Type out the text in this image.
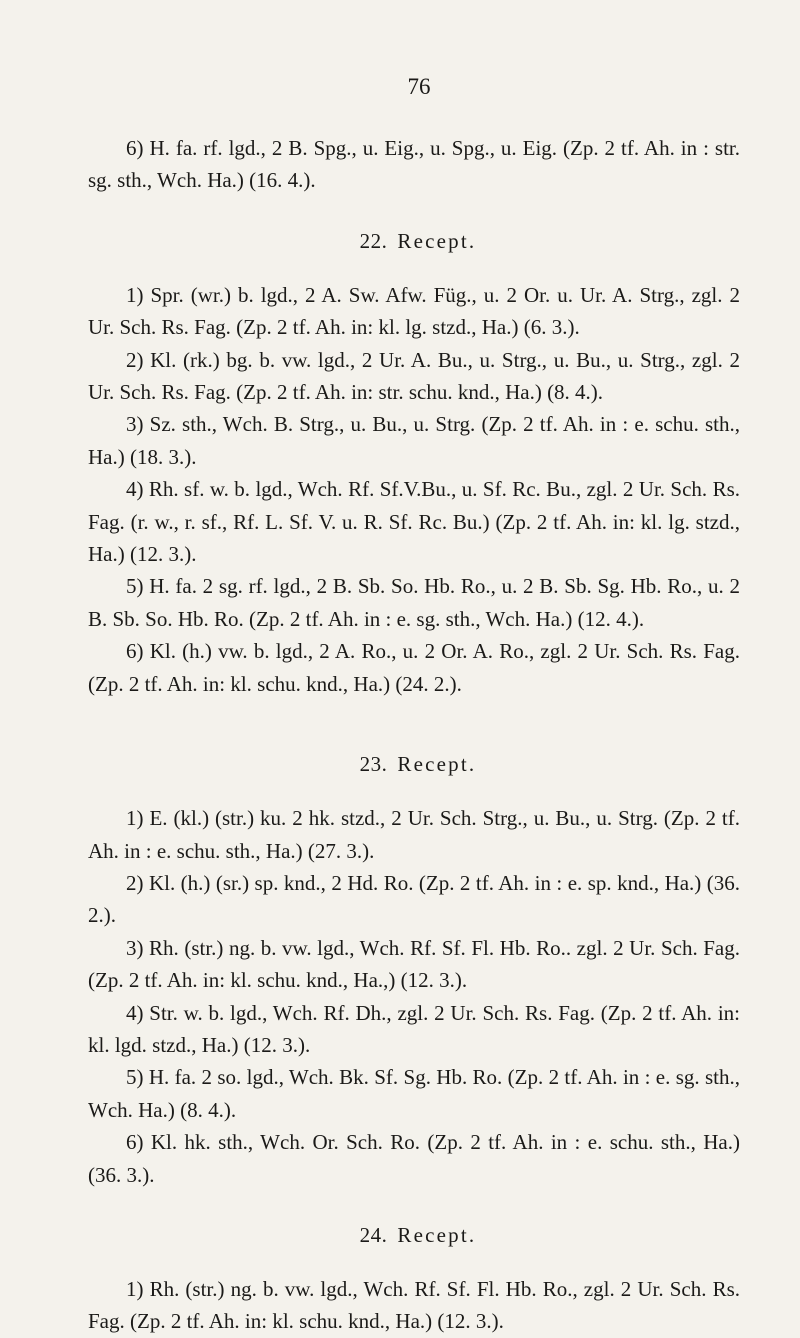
76

6) H. fa. rf. lgd., 2 B. Spg., u. Eig., u. Spg., u. Eig. (Zp. 2 tf. Ah. in : str. sg. sth., Wch. Ha.) (16. 4.).

22. Recept.

1) Spr. (wr.) b. lgd., 2 A. Sw. Afw. Füg., u. 2 Or. u. Ur. A. Strg., zgl. 2 Ur. Sch. Rs. Fag. (Zp. 2 tf. Ah. in: kl. lg. stzd., Ha.) (6. 3.).

2) Kl. (rk.) bg. b. vw. lgd., 2 Ur. A. Bu., u. Strg., u. Bu., u. Strg., zgl. 2 Ur. Sch. Rs. Fag. (Zp. 2 tf. Ah. in: str. schu. knd., Ha.) (8. 4.).

3) Sz. sth., Wch. B. Strg., u. Bu., u. Strg. (Zp. 2 tf. Ah. in : e. schu. sth., Ha.) (18. 3.).

4) Rh. sf. w. b. lgd., Wch. Rf. Sf.V.Bu., u. Sf. Rc. Bu., zgl. 2 Ur. Sch. Rs. Fag. (r. w., r. sf., Rf. L. Sf. V. u. R. Sf. Rc. Bu.) (Zp. 2 tf. Ah. in: kl. lg. stzd., Ha.) (12. 3.).

5) H. fa. 2 sg. rf. lgd., 2 B. Sb. So. Hb. Ro., u. 2 B. Sb. Sg. Hb. Ro., u. 2 B. Sb. So. Hb. Ro. (Zp. 2 tf. Ah. in : e. sg. sth., Wch. Ha.) (12. 4.).

6) Kl. (h.) vw. b. lgd., 2 A. Ro., u. 2 Or. A. Ro., zgl. 2 Ur. Sch. Rs. Fag. (Zp. 2 tf. Ah. in: kl. schu. knd., Ha.) (24. 2.).

23. Recept.

1) E. (kl.) (str.) ku. 2 hk. stzd., 2 Ur. Sch. Strg., u. Bu., u. Strg. (Zp. 2 tf. Ah. in : e. schu. sth., Ha.) (27. 3.).

2) Kl. (h.) (sr.) sp. knd., 2 Hd. Ro. (Zp. 2 tf. Ah. in : e. sp. knd., Ha.) (36. 2.).

3) Rh. (str.) ng. b. vw. lgd., Wch. Rf. Sf. Fl. Hb. Ro.. zgl. 2 Ur. Sch. Fag. (Zp. 2 tf. Ah. in: kl. schu. knd., Ha.,) (12. 3.).

4) Str. w. b. lgd., Wch. Rf. Dh., zgl. 2 Ur. Sch. Rs. Fag. (Zp. 2 tf. Ah. in: kl. lgd. stzd., Ha.) (12. 3.).

5) H. fa. 2 so. lgd., Wch. Bk. Sf. Sg. Hb. Ro. (Zp. 2 tf. Ah. in : e. sg. sth., Wch. Ha.) (8. 4.).

6) Kl. hk. sth., Wch. Or. Sch. Ro. (Zp. 2 tf. Ah. in : e. schu. sth., Ha.) (36. 3.).

24. Recept.

1) Rh. (str.) ng. b. vw. lgd., Wch. Rf. Sf. Fl. Hb. Ro., zgl. 2 Ur. Sch. Rs. Fag. (Zp. 2 tf. Ah. in: kl. schu. knd., Ha.) (12. 3.).
